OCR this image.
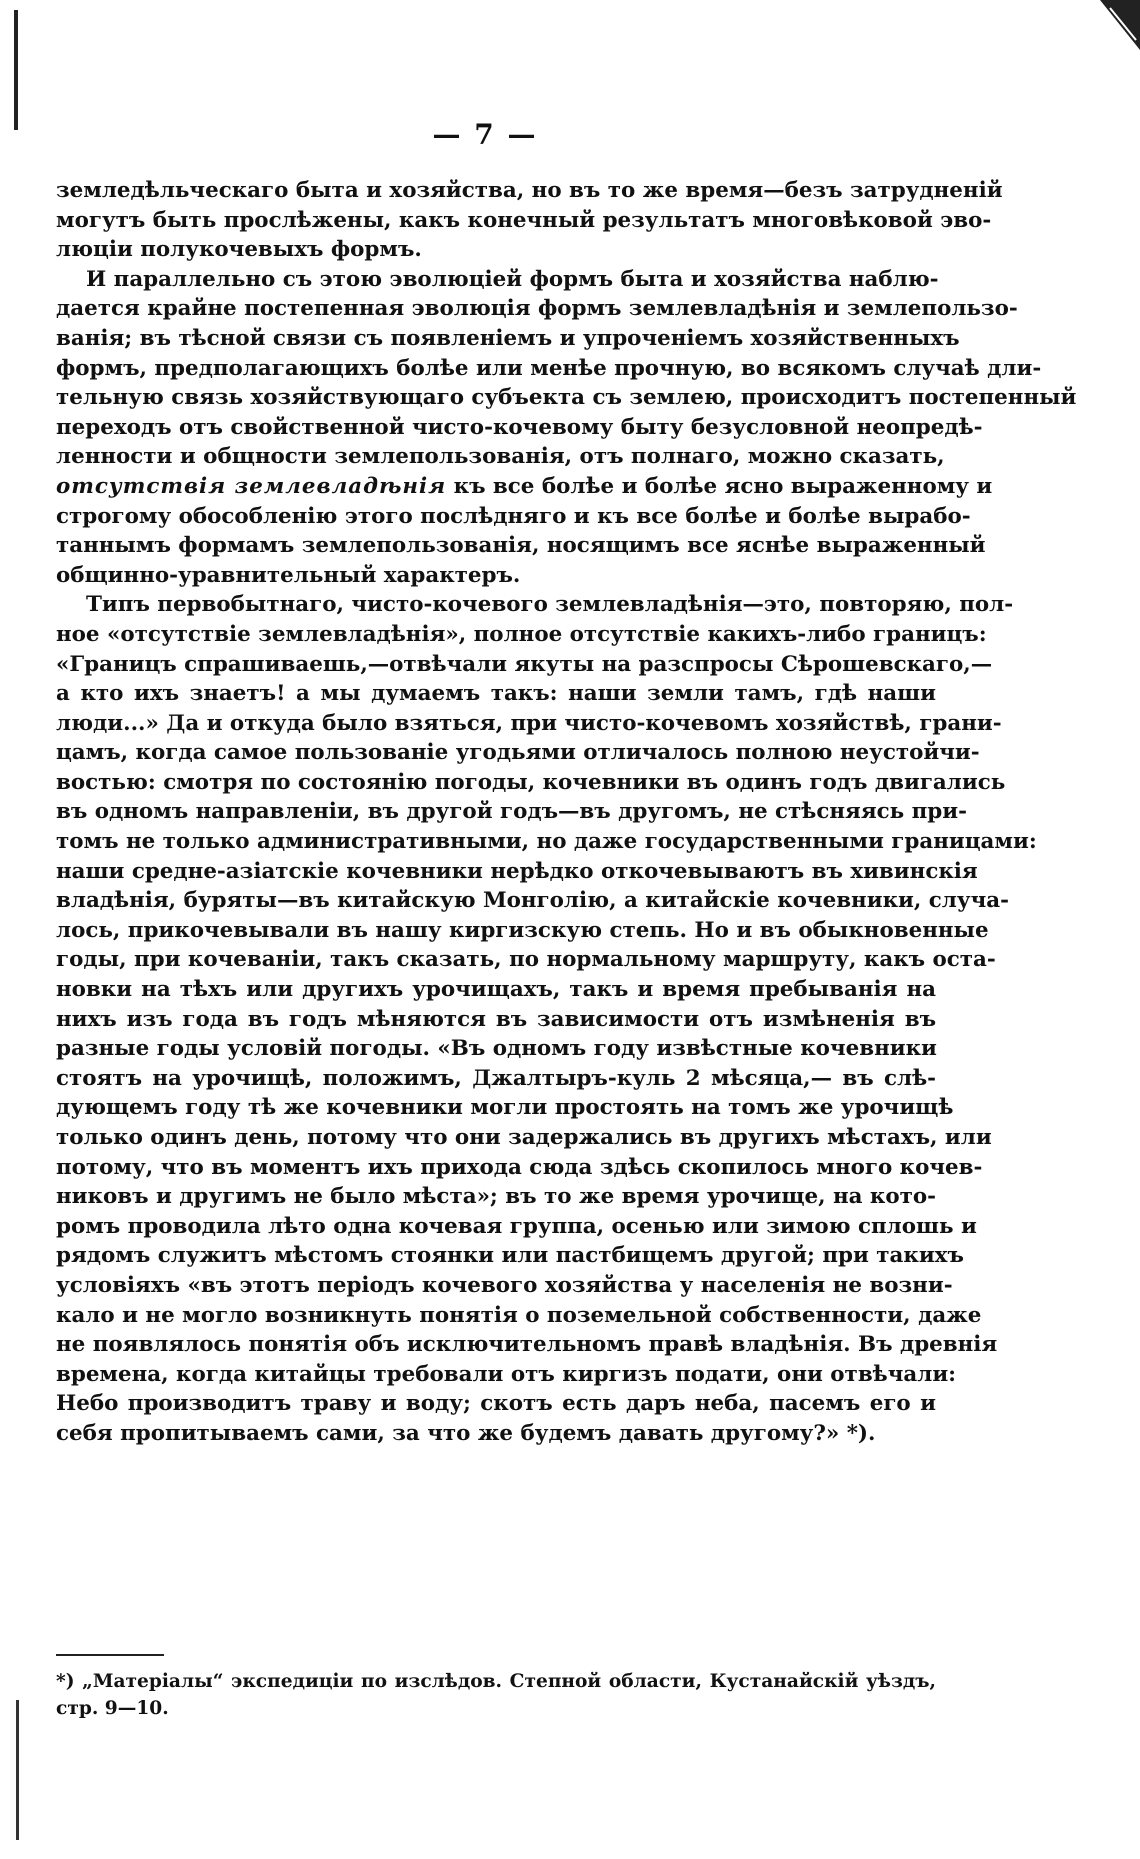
— 7 —

земледѣльческаго быта и хозяйства, но въ то же время—безъ затрудненій
могутъ быть прослѣжены, какъ конечный результатъ многовѣковой эво-
люціи полукочевыхъ формъ.

И параллельно съ этою эволюціей формъ быта и хозяйства наблю-
дается крайне постепенная эволюція формъ землевладѣнія и землепользо-
ванія; въ тѣсной связи съ появленіемъ и упроченіемъ хозяйственныхъ
формъ, предполагающихъ болѣе или менѣе прочную, во всякомъ случаѣ дли-
тельную связь хозяйствующаго субъекта съ землею, происходитъ постепенный
переходъ отъ свойственной чисто-кочевому быту безусловной неопредѣ-
ленности и общности землепользованія, отъ полнаго, можно сказать,
отсутствія землевладѣнія къ все болѣе и болѣе ясно выраженному и
строгому обособленію этого послѣдняго и къ все болѣе и болѣе вырабо-
таннымъ формамъ землепользованія, носящимъ все яснѣе выраженный
общинно-уравнительный характеръ.

Типъ первобытнаго, чисто-кочевого землевладѣнія—это, повторяю, пол-
ное «отсутствіе землевладѣнія», полное отсутствіе какихъ-либо границъ:
«Границъ спрашиваешь,—отвѣчали якуты на разспросы Сѣрошевскаго,—
а кто ихъ знаетъ! а мы думаемъ такъ: наши земли тамъ, гдѣ наши
люди...» Да и откуда было взяться, при чисто-кочевомъ хозяйствѣ, грани-
цамъ, когда самое пользованіе угодьями отличалось полною неустойчи-
востью: смотря по состоянію погоды, кочевники въ одинъ годъ двигались
въ одномъ направленіи, въ другой годъ—въ другомъ, не стѣсняясь при-
томъ не только административными, но даже государственными границами:
наши средне-азіатскіе кочевники нерѣдко откочевываютъ въ хивинскія
владѣнія, буряты—въ китайскую Монголію, а китайскіе кочевники, случа-
лось, прикочевывали въ нашу киргизскую степь. Но и въ обыкновенные
годы, при кочеваніи, такъ сказать, по нормальному маршруту, какъ оста-
новки на тѣхъ или другихъ урочищахъ, такъ и время пребыванія на
нихъ изъ года въ годъ мѣняются въ зависимости отъ измѣненія въ
разные годы условій погоды. «Въ одномъ году извѣстные кочевники
стоятъ на урочищѣ, положимъ, Джалтыръ-куль 2 мѣсяца,— въ слѣ-
дующемъ году тѣ же кочевники могли простоять на томъ же урочищѣ
только одинъ день, потому что они задержались въ другихъ мѣстахъ, или
потому, что въ моментъ ихъ прихода сюда здѣсь скопилось много кочев-
никовъ и другимъ не было мѣста»; въ то же время урочище, на кото-
ромъ проводила лѣто одна кочевая группа, осенью или зимою сплошь и
рядомъ служитъ мѣстомъ стоянки или пастбищемъ другой; при такихъ
условіяхъ «въ этотъ періодъ кочевого хозяйства у населенія не возни-
кало и не могло возникнуть понятія о поземельной собственности, даже
не появлялось понятія объ исключительномъ правѣ владѣнія. Въ древнія
времена, когда китайцы требовали отъ киргизъ подати, они отвѣчали:
Небо производитъ траву и воду; скотъ есть даръ неба, пасемъ его и
себя пропитываемъ сами, за что же будемъ давать другому?» *).

*) „Матеріалы“ экспедиціи по изслѣдов. Степной области, Кустанайскій уѣздъ,
стр. 9—10.
